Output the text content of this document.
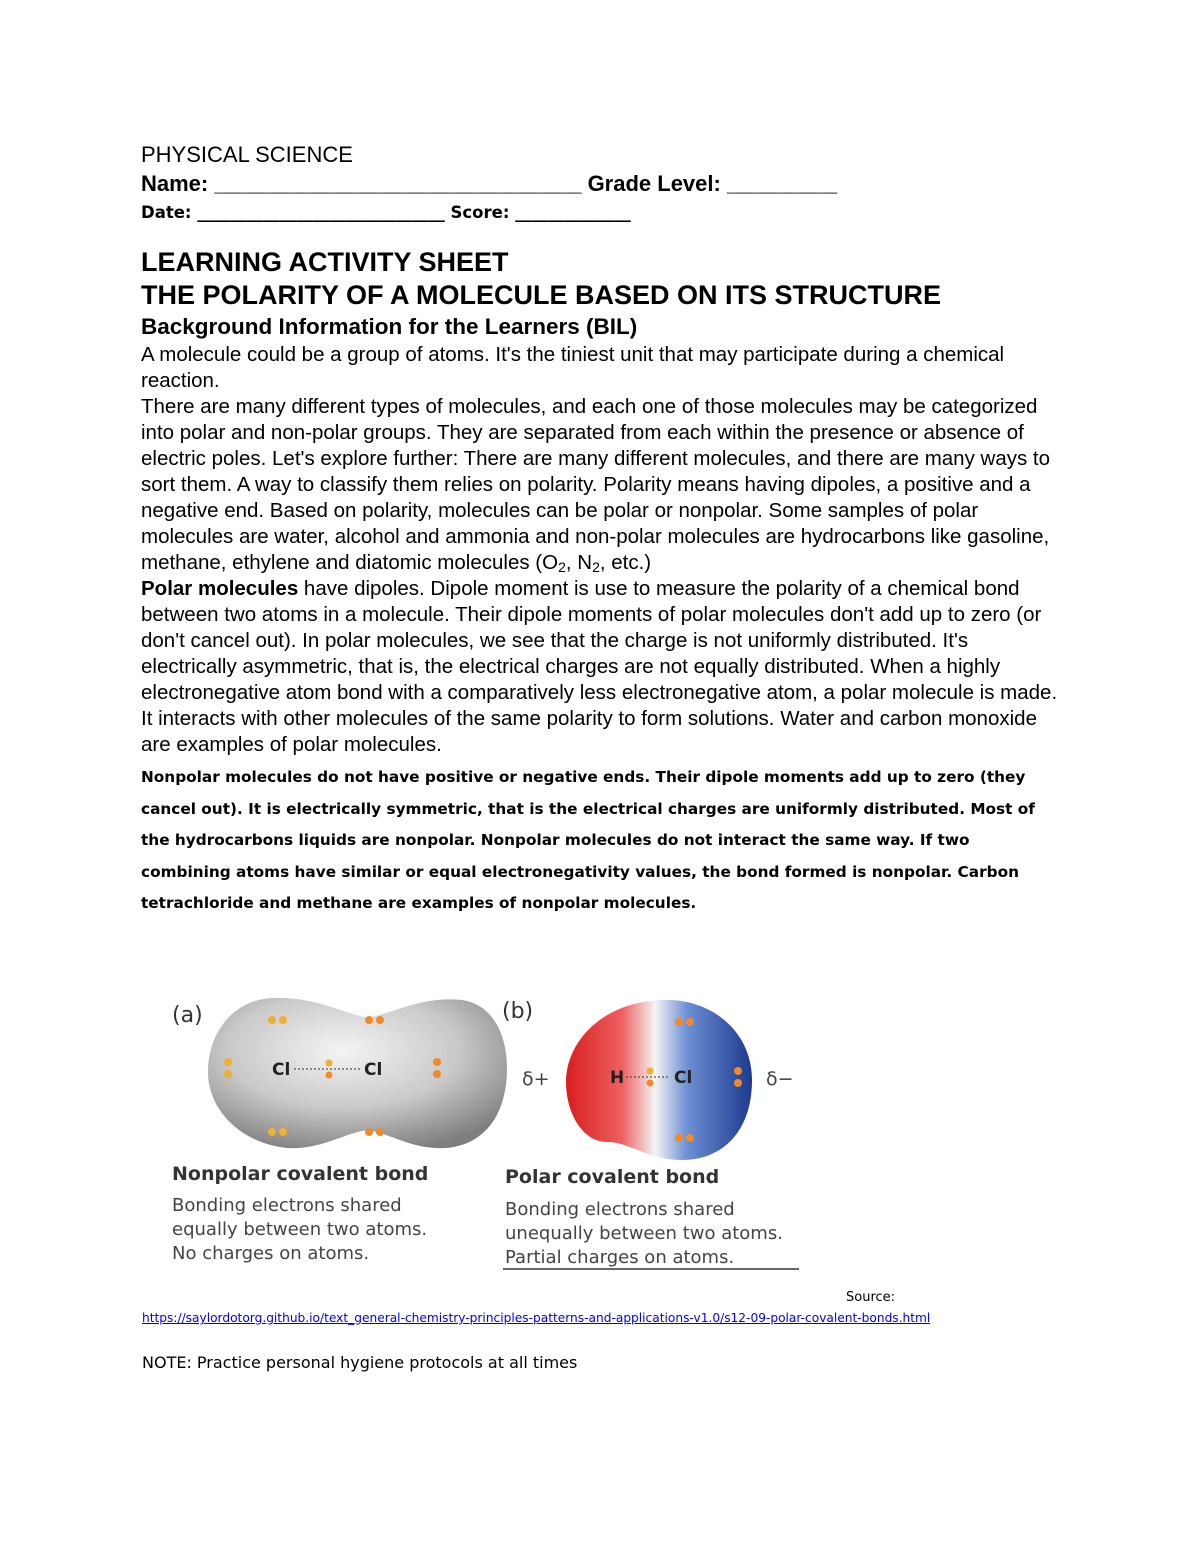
PHYSICAL SCIENCE
Name: ______________________________ Grade Level: _________
Date: ______________________________ Score: ______________
LEARNING ACTIVITY SHEET
THE POLARITY OF A MOLECULE BASED ON ITS STRUCTURE
Background Information for the Learners (BIL)

A molecule could be a group of atoms. It's the tiniest unit that may participate during a chemical reaction.

There are many different types of molecules, and each one of those molecules may be categorized into polar and non-polar groups. They are separated from each within the presence or absence of electric poles. Let's explore further: There are many different molecules, and there are many ways to sort them. A way to classify them relies on polarity. Polarity means having dipoles, a positive and a negative end. Based on polarity, molecules can be polar or nonpolar. Some samples of polar molecules are water, alcohol and ammonia and non-polar molecules are hydrocarbons like gasoline, methane, ethylene and diatomic molecules ($O_2$, $N_2$, etc.)

Polar molecules have dipoles. Dipole moment is use to measure the polarity of a chemical bond between two atoms in a molecule. Their dipole moments of polar molecules don't add up to zero (or don't cancel out). In polar molecules, we see that the charge is not uniformly distributed. It's electrically asymmetric, that is, the electrical charges are not equally distributed. When a highly electronegative atom bond with a comparatively less electronegative atom, a polar molecule is made. It interacts with other molecules of the same polarity to form solutions. Water and carbon monoxide are examples of polar molecules.

Nonpolar molecules do not have positive or negative ends. Their dipole moments add up to zero (they cancel out). It is electrically symmetric, that is the electrical charges are uniformly distributed. Most of the hydrocarbons liquids are nonpolar. Nonpolar molecules do not interact the same way. If two combining atoms have similar or equal electronegativity values, the bond formed is nonpolar. Carbon tetrachloride and methane are examples of nonpolar molecules.

(a)
Cl	Cl
Nonpolar covalent bond
Bonding electrons shared
equally between two atoms.
No charges on atoms.
(b)
δ+	δ−
H	Cl
Polar covalent bond
Bonding electrons shared
unequally between two atoms.
Partial charges on atoms.
Source:
https://saylordotorg.github.io/text_general-chemistry-principles-patterns-and-applications-v1.0/s12-09-polar-covalent-bonds.html
NOTE: Practice personal hygiene protocols at all times
